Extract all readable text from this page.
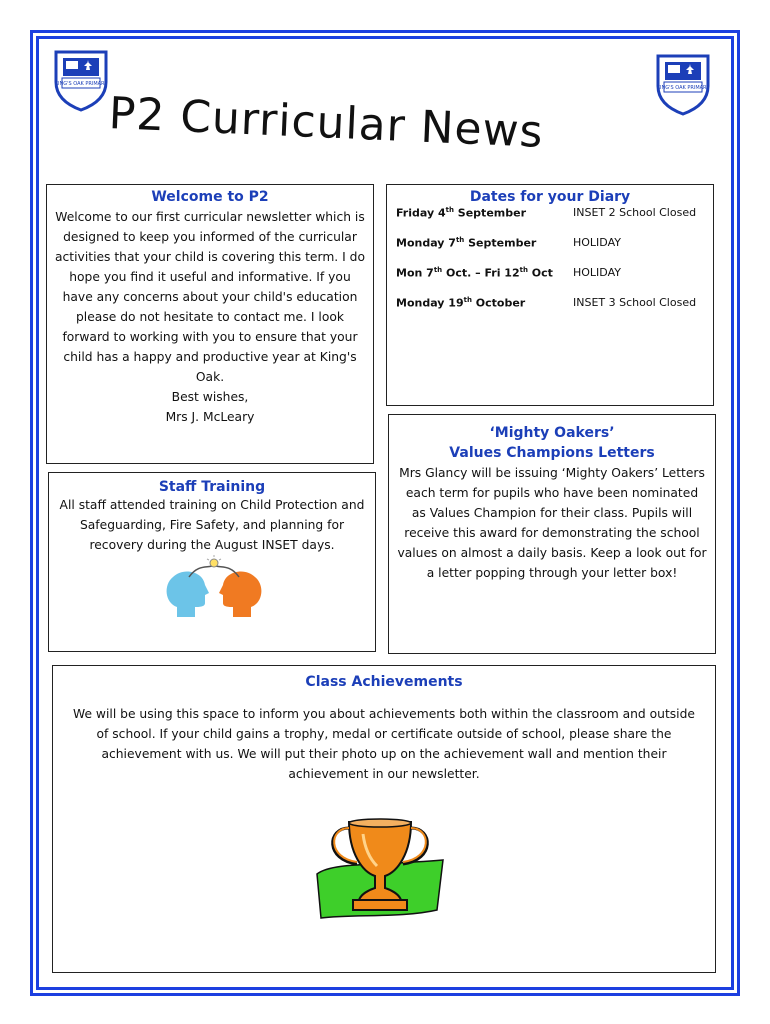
KING'S OAK PRIMARY
KING'S OAK PRIMARY
P2 Curricular News
Welcome to P2
Welcome to our first curricular newsletter which is designed to keep you informed of the curricular activities that your child is covering this term. I do hope you find it useful and informative. If you have any concerns about your child's education please do not hesitate to contact me. I look forward to working with you to ensure that your child has a happy and productive year at King's Oak.
Best wishes,
Mrs J. McLeary
Dates for your Diary
Friday 4th September	INSET 2 School Closed
Monday 7th September	HOLIDAY
Mon 7th Oct. – Fri 12th Oct	HOLIDAY
Monday 19th October	INSET 3 School Closed
Staff Training
All staff attended training on Child Protection and Safeguarding, Fire Safety, and planning for recovery during the August INSET days.
‘Mighty Oakers’
Values Champions Letters
Mrs Glancy will be issuing ‘Mighty Oakers’ Letters each term for pupils who have been nominated as Values Champion for their class. Pupils will receive this award for demonstrating the school values on almost a daily basis. Keep a look out for a letter popping through your letter box!
Class Achievements
We will be using this space to inform you about achievements both within the classroom and outside of school. If your child gains a trophy, medal or certificate outside of school, please share the achievement with us. We will put their photo up on the achievement wall and mention their achievement in our newsletter.
